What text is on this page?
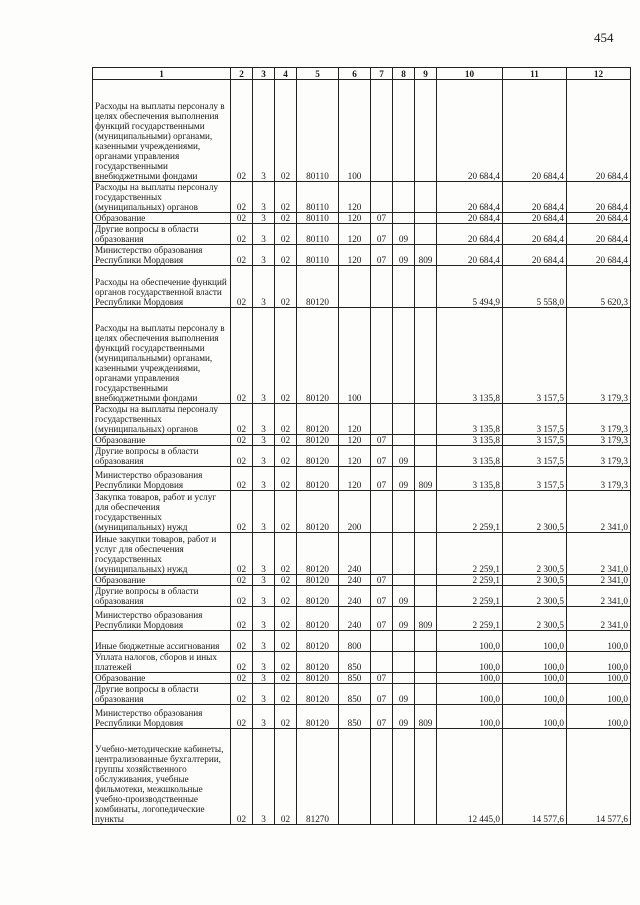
454
1	2	3	4	5	6	7	8	9	10	11	12
Расходы на выплаты персоналу в целях обеспечения выполнения функций государственными (муниципальными) органами, казенными учреждениями, органами управления государственными внебюджетными фондами	02	3	02	80110	100				20 684,4	20 684,4	20 684,4
Расходы на выплаты персоналу государственных (муниципальных) органов	02	3	02	80110	120				20 684,4	20 684,4	20 684,4
Образование	02	3	02	80110	120	07			20 684,4	20 684,4	20 684,4
Другие вопросы в области образования	02	3	02	80110	120	07	09		20 684,4	20 684,4	20 684,4
Министерство образования Республики Мордовия	02	3	02	80110	120	07	09	809	20 684,4	20 684,4	20 684,4
Расходы на обеспечение функций органов государственной власти Республики Мордовия	02	3	02	80120					5 494,9	5 558,0	5 620,3
Расходы на выплаты персоналу в целях обеспечения выполнения функций государственными (муниципальными) органами, казенными учреждениями, органами управления государственными внебюджетными фондами	02	3	02	80120	100				3 135,8	3 157,5	3 179,3
Расходы на выплаты персоналу государственных (муниципальных) органов	02	3	02	80120	120				3 135,8	3 157,5	3 179,3
Образование	02	3	02	80120	120	07			3 135,8	3 157,5	3 179,3
Другие вопросы в области образования	02	3	02	80120	120	07	09		3 135,8	3 157,5	3 179,3
Министерство образования Республики Мордовия	02	3	02	80120	120	07	09	809	3 135,8	3 157,5	3 179,3
Закупка товаров, работ и услуг для обеспечения государственных (муниципальных) нужд	02	3	02	80120	200				2 259,1	2 300,5	2 341,0
Иные закупки товаров, работ и услуг для обеспечения государственных (муниципальных) нужд	02	3	02	80120	240				2 259,1	2 300,5	2 341,0
Образование	02	3	02	80120	240	07			2 259,1	2 300,5	2 341,0
Другие вопросы в области образования	02	3	02	80120	240	07	09		2 259,1	2 300,5	2 341,0
Министерство образования Республики Мордовия	02	3	02	80120	240	07	09	809	2 259,1	2 300,5	2 341,0
Иные бюджетные ассигнования	02	3	02	80120	800				100,0	100,0	100,0
Уплата налогов, сборов и иных платежей	02	3	02	80120	850				100,0	100,0	100,0
Образование	02	3	02	80120	850	07			100,0	100,0	100,0
Другие вопросы в области образования	02	3	02	80120	850	07	09		100,0	100,0	100,0
Министерство образования Республики Мордовия	02	3	02	80120	850	07	09	809	100,0	100,0	100,0
Учебно-методические кабинеты, централизованные бухгалтерии, группы хозяйственного обслуживания, учебные фильмотеки, межшкольные учебно-производственные комбинаты, логопедические пункты	02	3	02	81270					12 445,0	14 577,6	14 577,6
